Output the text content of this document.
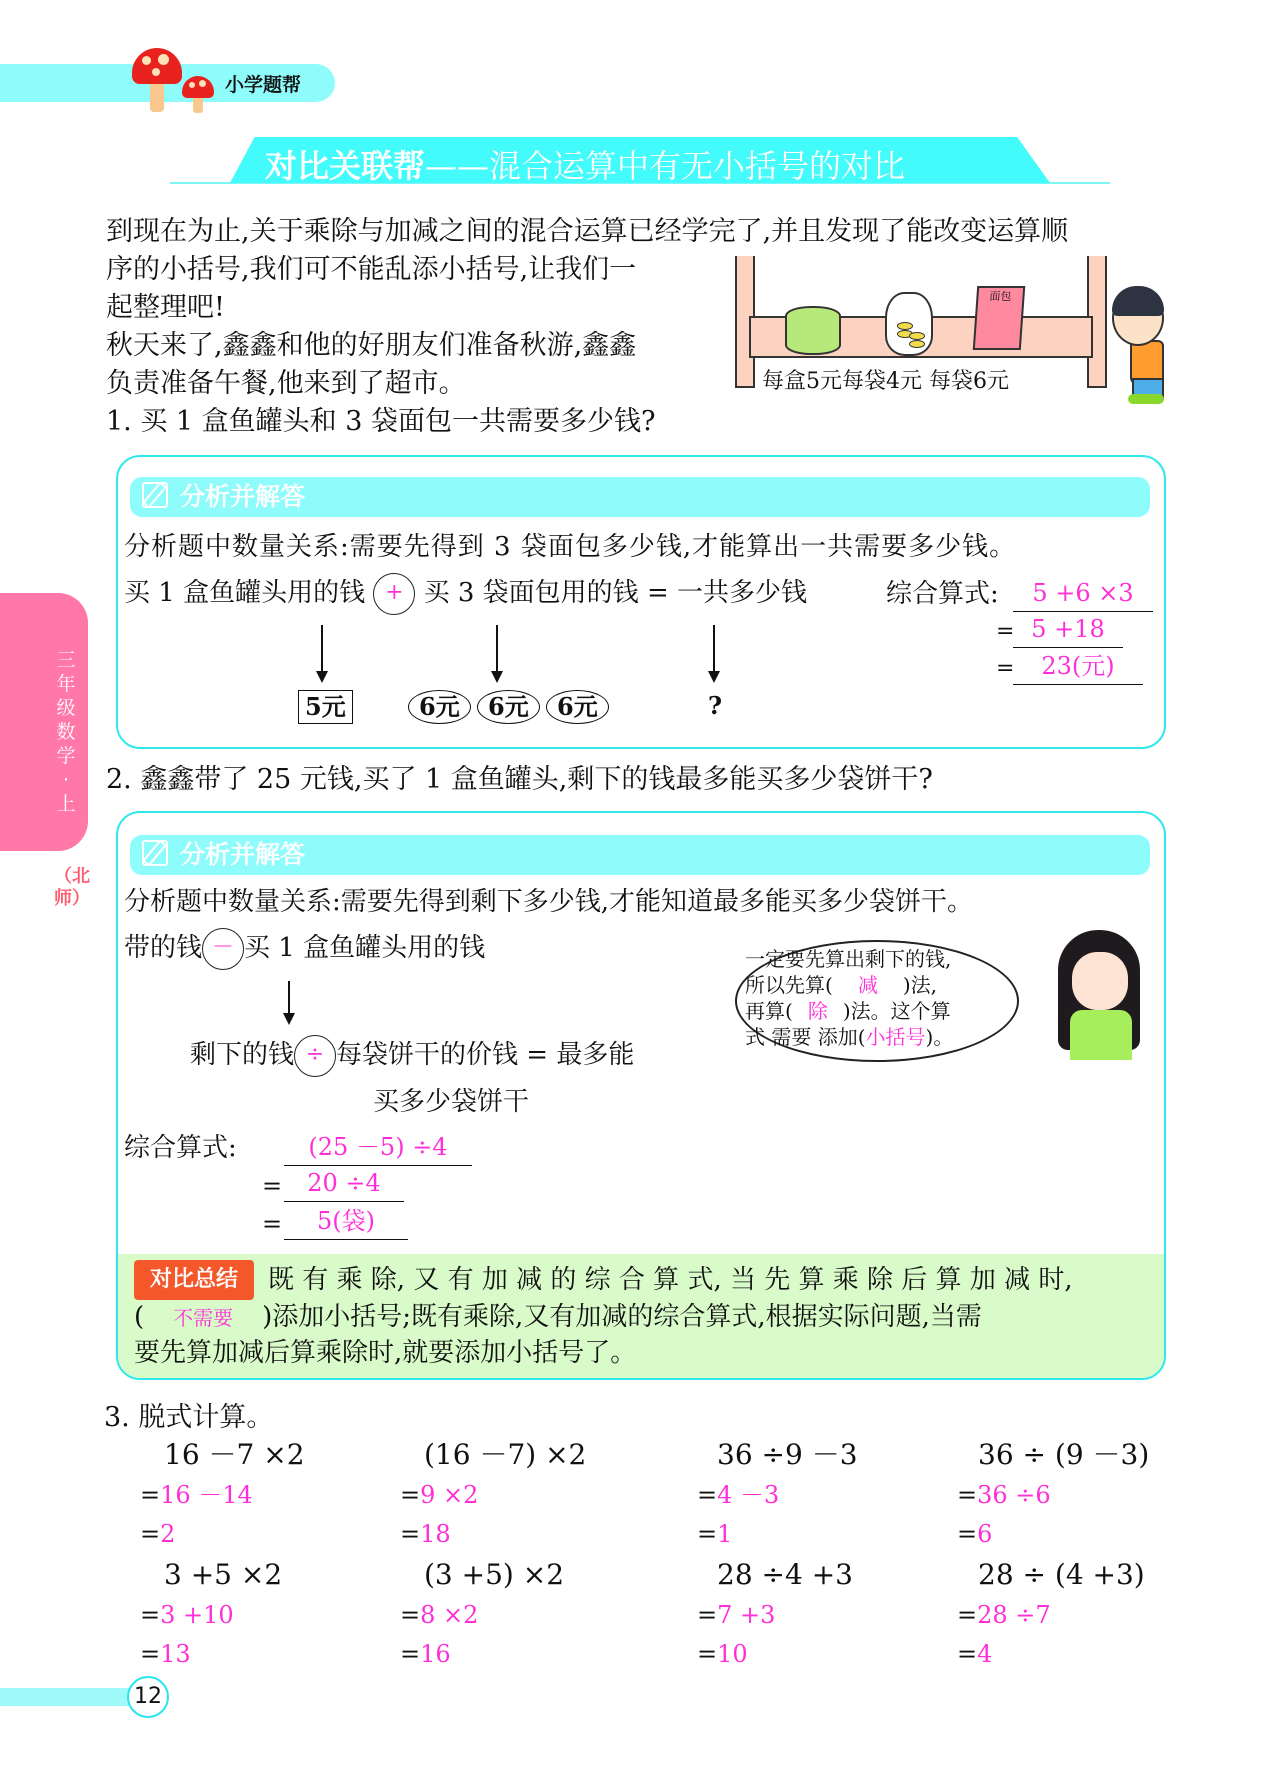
小学题帮
对比关联帮——混合运算中有无小括号的对比
三年级数学·上
（北师）
到现在为止,关于乘除与加减之间的混合运算已经学完了,并且发现了能改变运算顺
序的小括号,我们可不能乱添小括号,让我们一
起整理吧!
秋天来了,鑫鑫和他的好朋友们准备秋游,鑫鑫
负责准备午餐,他来到了超市。
面包
每盒5元每袋4元 每袋6元
1. 买 1 盒鱼罐头和 3 袋面包一共需要多少钱?
分析并解答
分析题中数量关系:需要先得到 3 袋面包多少钱,才能算出一共需要多少钱。
买 1 盒鱼罐头用的钱 + 买 3 袋面包用的钱 = 一共多少钱	综合算式:	5 +6 ×3
= 5 +18
=	23(元)
5元	6元	6元	6元	?
2. 鑫鑫带了 25 元钱,买了 1 盒鱼罐头,剩下的钱最多能买多少袋饼干?
分析并解答
分析题中数量关系:需要先得到剩下多少钱,才能知道最多能买多少袋饼干。
带的钱 － 买 1 盒鱼罐头用的钱
剩下的钱 ÷ 每袋饼干的价钱 = 最多能
买多少袋饼干
综合算式:	(25 －5) ÷4
=	20 ÷4
=	5(袋)
对比总结	既 有 乘 除, 又 有 加 减 的 综 合 算 式, 当 先 算 乘 除 后 算 加 减 时,
( 不需要 )添加小括号;既有乘除,又有加减的综合算式,根据实际问题,当需
要先算加减后算乘除时,就要添加小括号了。
一定要先算出剩下的钱,
所以先算( 减 )法,
再算( 除 )法。这个算
式 需要 添加(小括号)。
3. 脱式计算。
16 －7 ×2
=16 －14
=2
(16 －7) ×2
=9 ×2
=18
36 ÷9 －3
=4 －3
=1
36 ÷ (9 －3)
=36 ÷6
=6
3 +5 ×2
=3 +10
=13
(3 +5) ×2
=8 ×2
=16
28 ÷4 +3
=7 +3
=10
28 ÷ (4 +3)
=28 ÷7
=4
12
